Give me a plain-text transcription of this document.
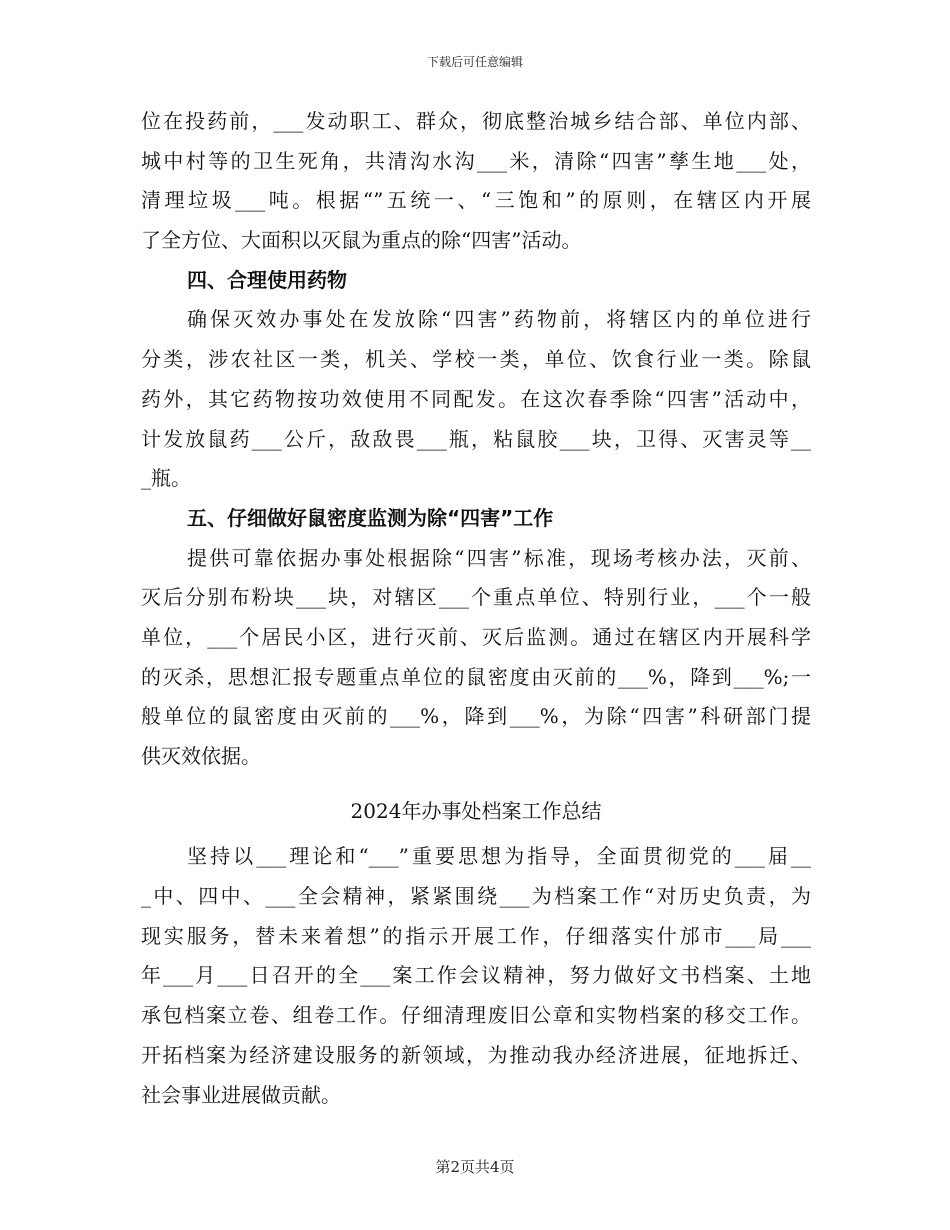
下载后可任意编辑
位在投药前，___发动职工、群众，彻底整治城乡结合部、单位内部、
城中村等的卫生死角，共清沟水沟___米，清除“四害”孳生地___处，
清理垃圾___吨。根据“”五统一、“三饱和”的原则，在辖区内开展
了全方位、大面积以灭鼠为重点的除“四害”活动。
四、合理使用药物
确保灭效办事处在发放除“四害”药物前，将辖区内的单位进行
分类，涉农社区一类，机关、学校一类，单位、饮食行业一类。除鼠
药外，其它药物按功效使用不同配发。在这次春季除“四害”活动中，
计发放鼠药___公斤，敌敌畏___瓶，粘鼠胶___块，卫得、灭害灵等__
_瓶。
五、仔细做好鼠密度监测为除“四害”工作
提供可靠依据办事处根据除“四害”标准，现场考核办法，灭前、
灭后分别布粉块___块，对辖区___个重点单位、特别行业，___个一般
单位，___个居民小区，进行灭前、灭后监测。通过在辖区内开展科学
的灭杀，思想汇报专题重点单位的鼠密度由灭前的___%，降到___%;一
般单位的鼠密度由灭前的___%，降到___%，为除“四害”科研部门提
供灭效依据。
2024年办事处档案工作总结
坚持以___理论和“___”重要思想为指导，全面贯彻党的___届__
_中、四中、___全会精神，紧紧围绕___为档案工作“对历史负责，为
现实服务，替未来着想”的指示开展工作，仔细落实什邡市___局___
年___月___日召开的全___案工作会议精神，努力做好文书档案、土地
承包档案立卷、组卷工作。仔细清理废旧公章和实物档案的移交工作。
开拓档案为经济建设服务的新领域，为推动我办经济进展，征地拆迁、
社会事业进展做贡献。
第2页共4页
